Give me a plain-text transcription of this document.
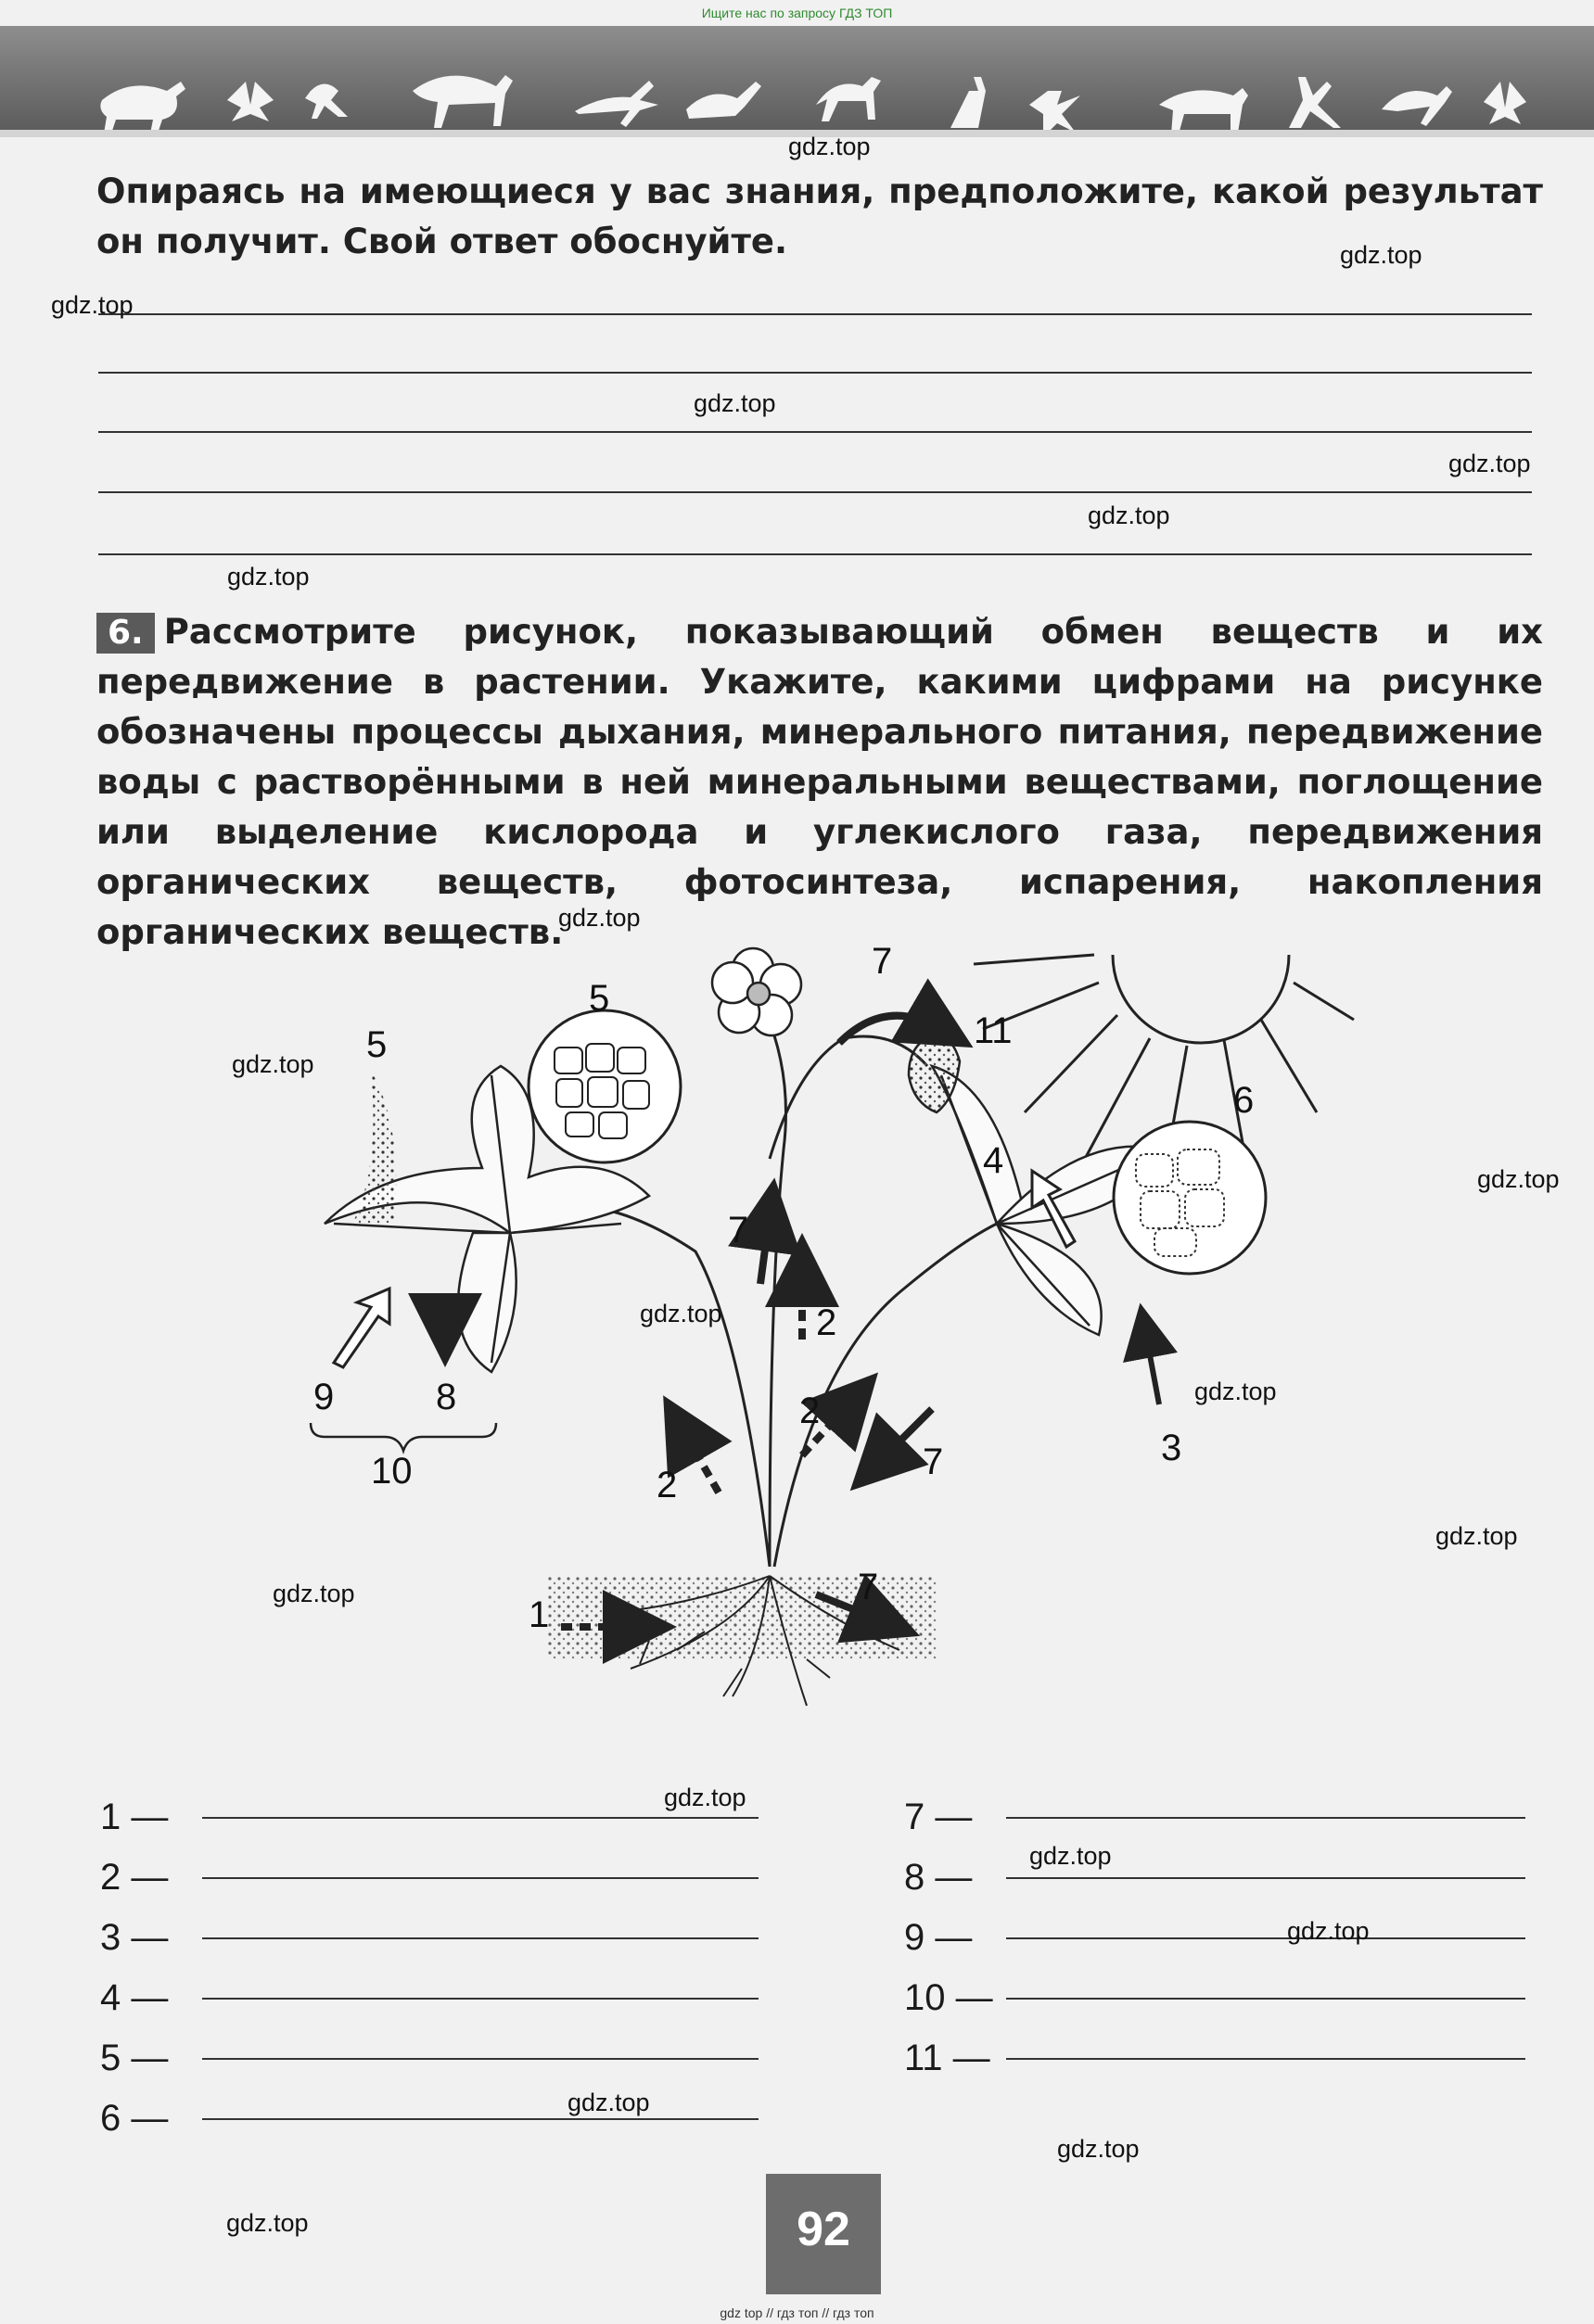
Ищите нас по запросу ГДЗ ТОП
Опираясь на имеющиеся у вас знания, предположите, какой результат он получит. Свой ответ обоснуйте.
6. Рассмотрите рисунок, показывающий обмен веществ и их передвижение в растении. Укажите, какими цифрами на рисунке обозначены процессы дыхания, минерального питания, передвижение воды с растворёнными в ней минеральными веществами, поглощение или выделение кислорода и углекислого газа, передвижения органических веществ, фотосинтеза, испарения, накопления органических веществ.
1
2
2
2
3
4
5
5
6
7
7
7
7
8
9
10
11
1 —
2 —
3 —
4 —
5 —
6 —
7 —
8 —
9 —
10 —
11 —
92
gdz top // гдз топ // гдз топ
gdz.top
gdz.top
gdz.top
gdz.top
gdz.top
gdz.top
gdz.top
gdz.top
gdz.top
gdz.top
gdz.top
gdz.top
gdz.top
gdz.top
gdz.top
gdz.top
gdz.top
gdz.top
gdz.top
gdz.top
